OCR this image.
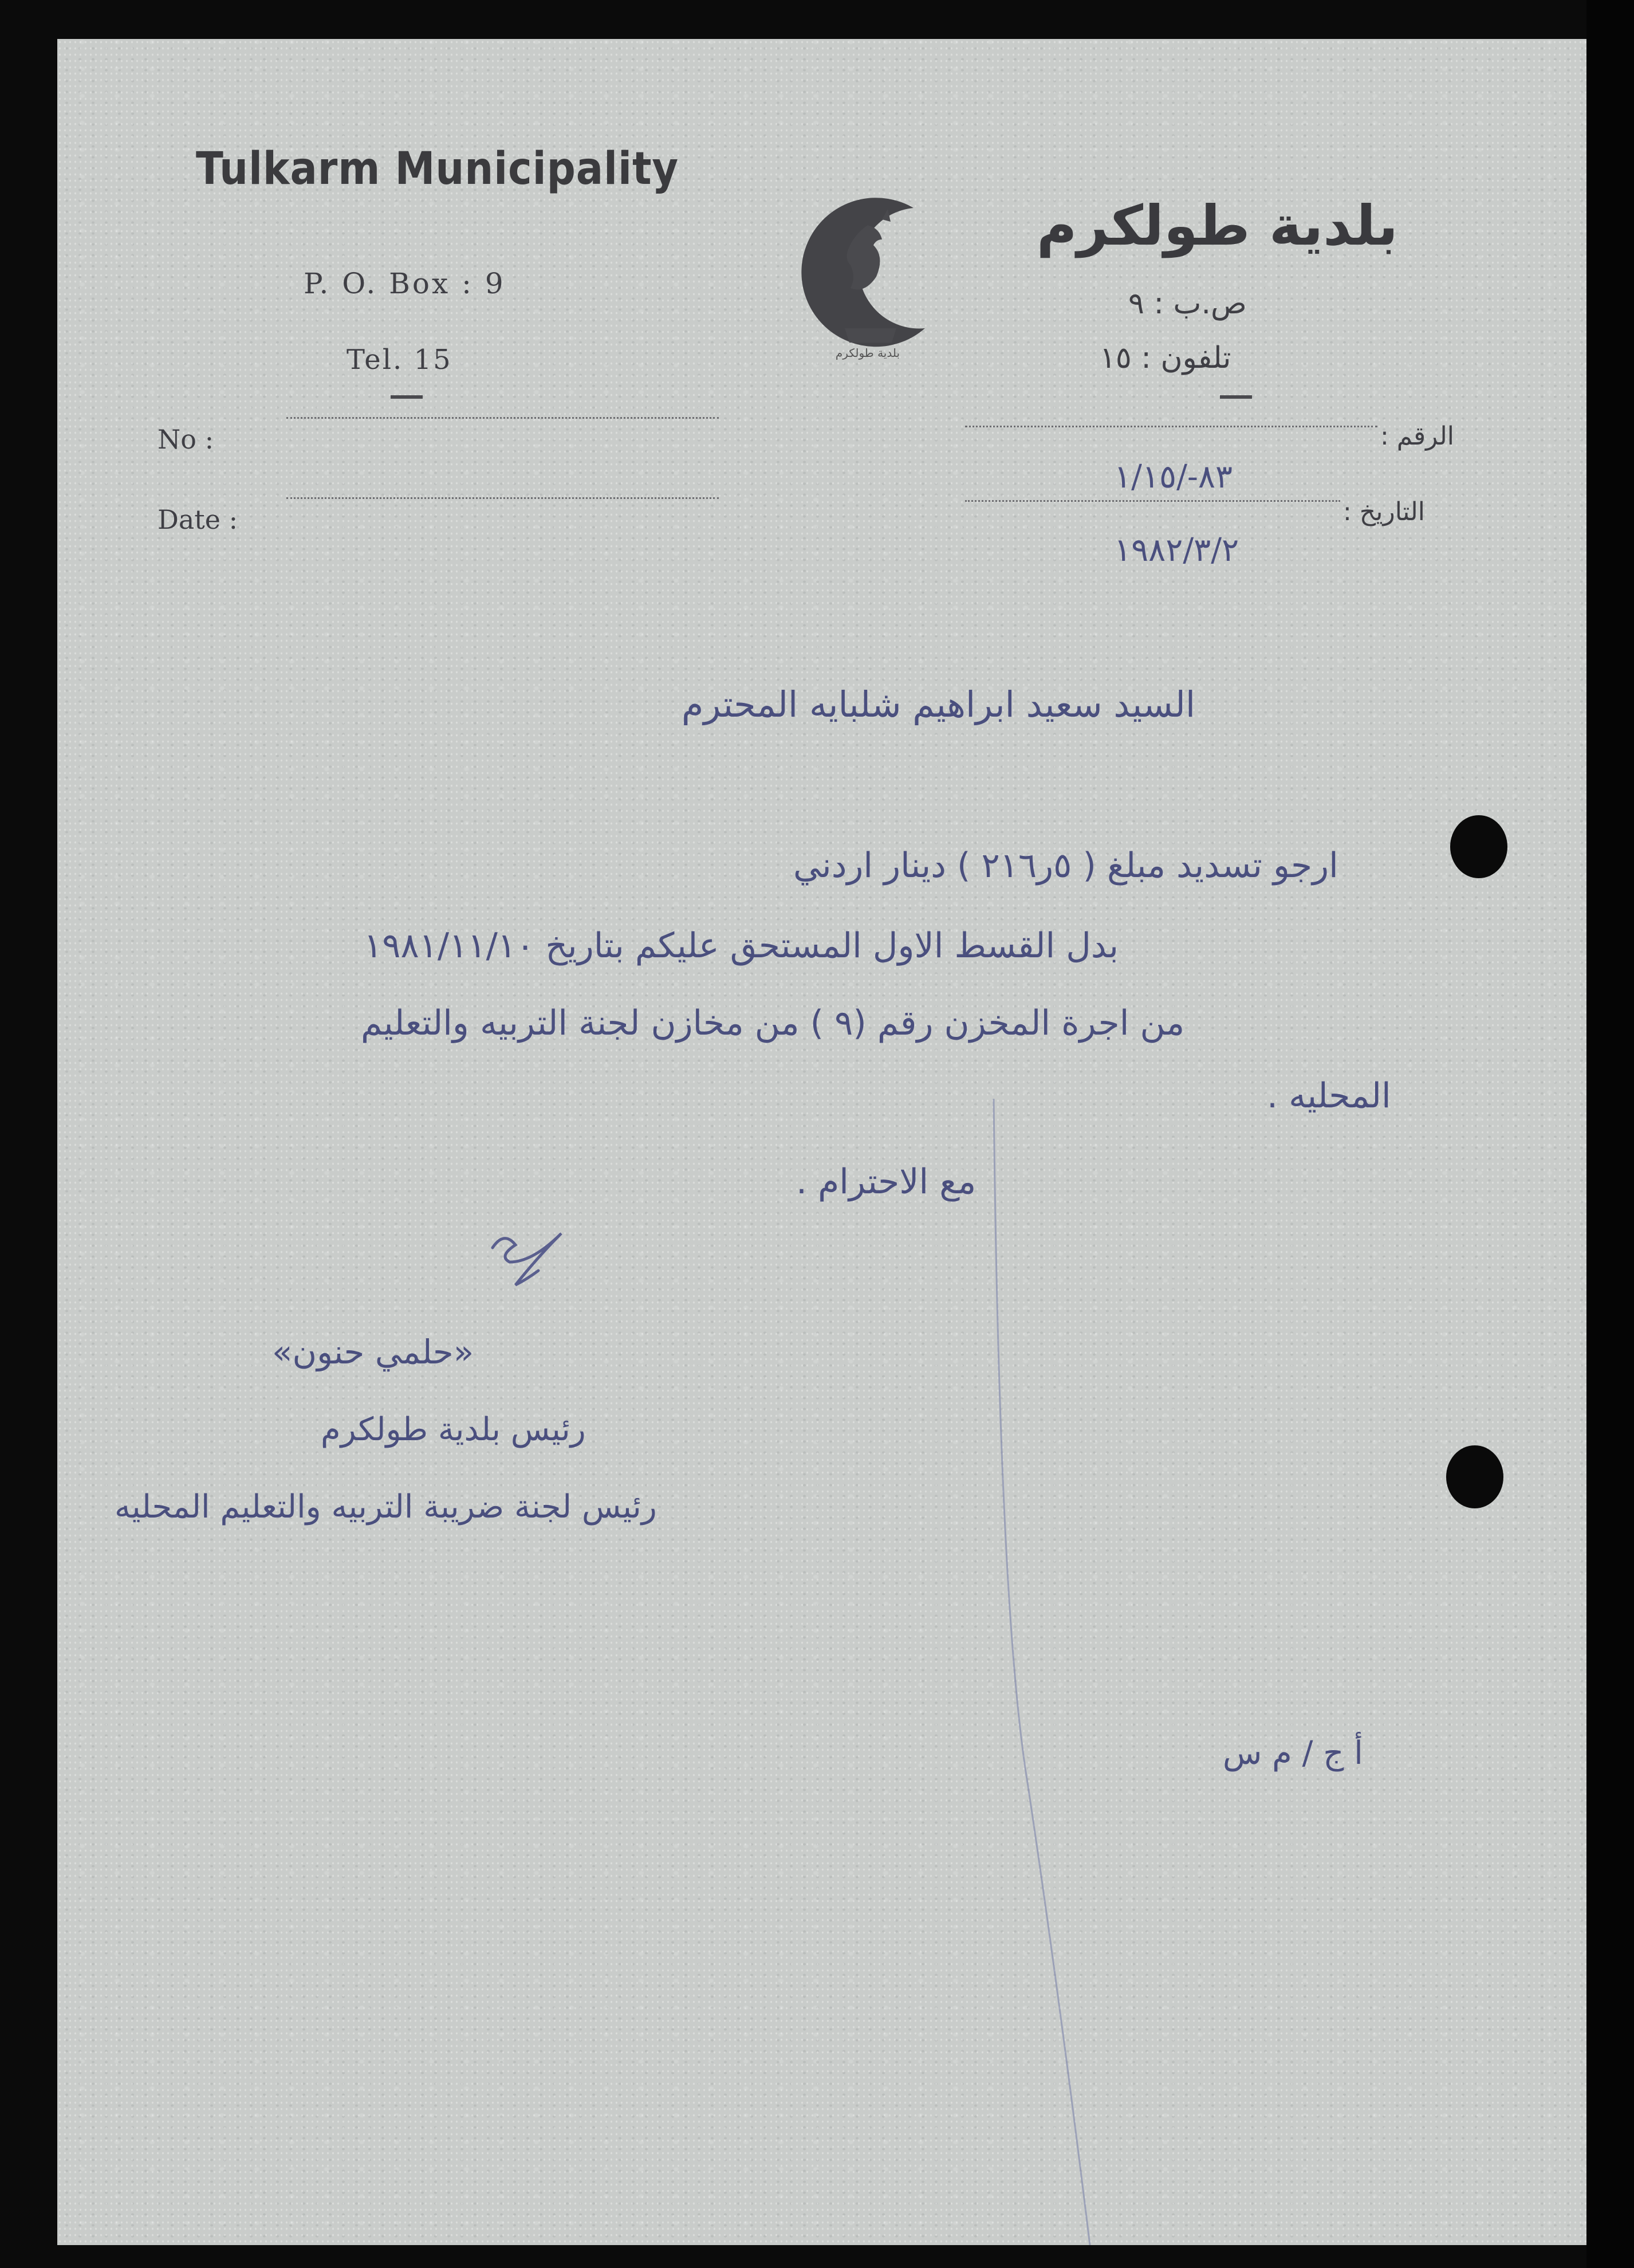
Tulkarm Municipality
P. O. Box : 9
Tel. 15	بلدية طولكرم
بلدية طولكرم
ص.ب : ٩
تلفون : ١٥
No :
Date :
الرقم :
التاريخ :
٨٣-/١/١٥
١٩٨٢/٣/٢
السيد سعيد ابراهيم شلبايه المحترم
ارجو تسديد مبلغ ( ٥ر٢١٦ ) دينار اردني
بدل القسط الاول المستحق عليكم بتاريخ ١٩٨١/١١/١٠
من اجرة المخزن رقم (٩ ) من مخازن لجنة التربيه والتعليم
المحليه .
مع الاحترام .
«حلمي حنون»
رئيس بلدية طولكرم
رئيس لجنة ضريبة التربيه والتعليم المحليه
أ ج / م س
